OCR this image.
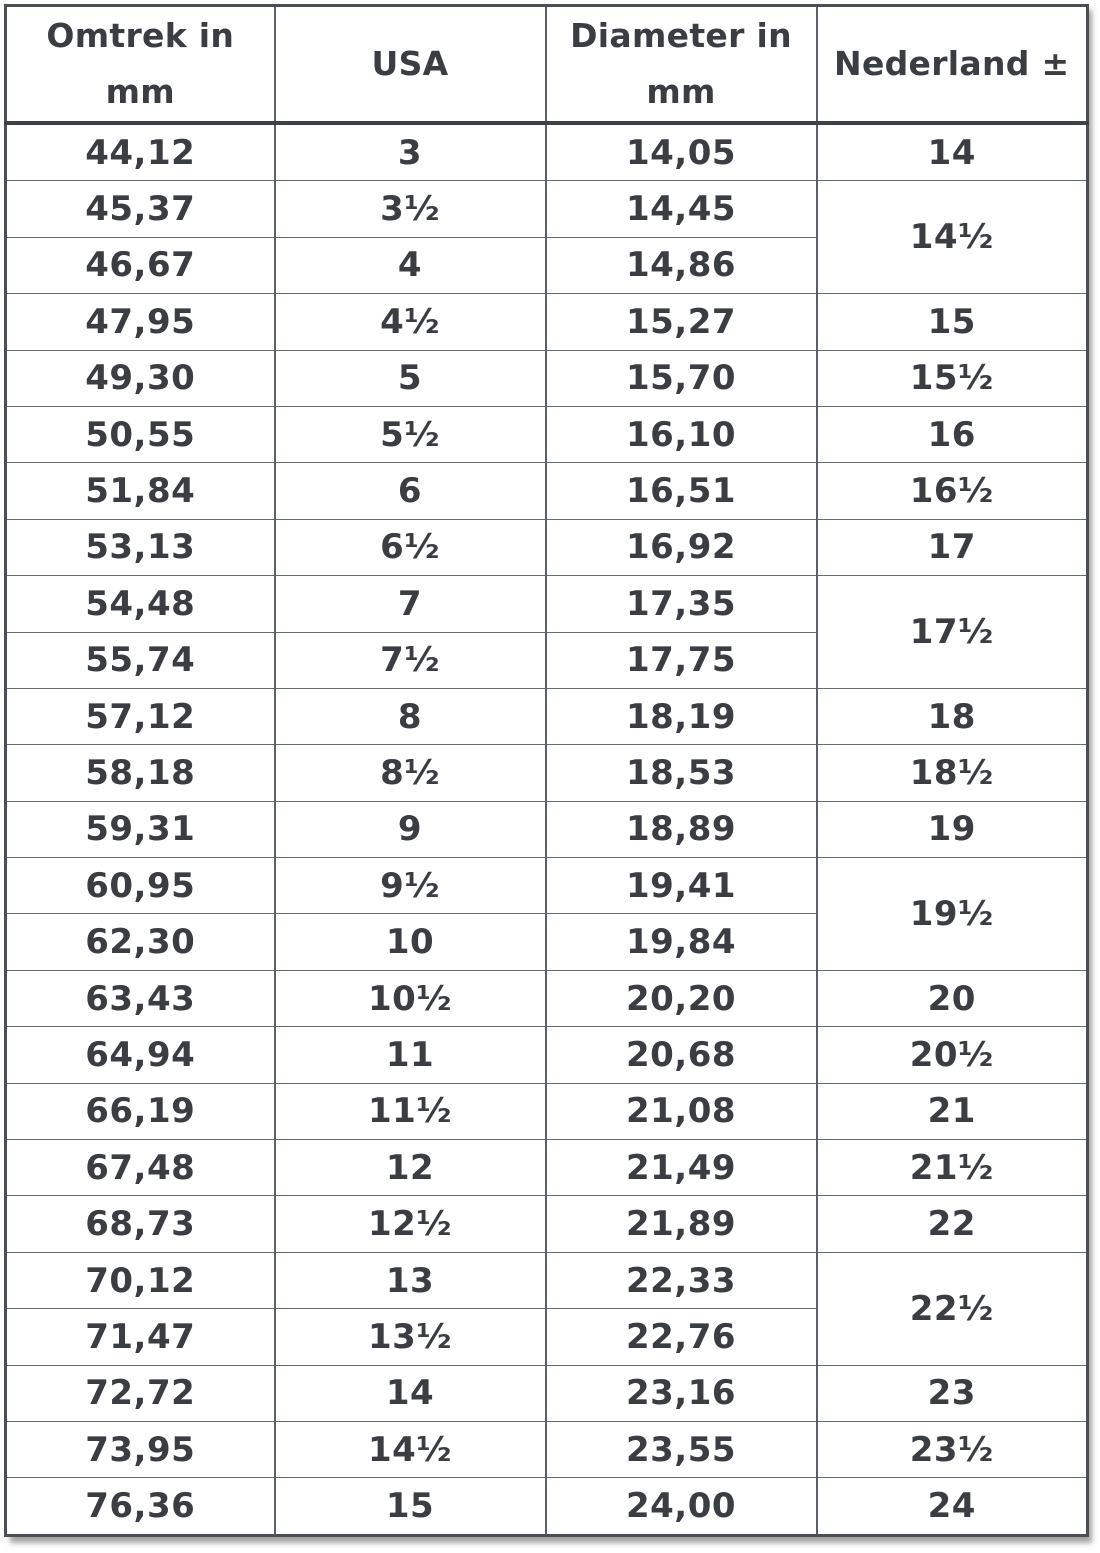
Omtrek in mm	USA	Diameter in mm	Nederland ±
44,12	3	14,05	14
45,37	3½	14,45	14½
46,67	4	14,86	
47,95	4½	15,27	15
49,30	5	15,70	15½
50,55	5½	16,10	16
51,84	6	16,51	16½
53,13	6½	16,92	17
54,48	7	17,35	17½
55,74	7½	17,75	
57,12	8	18,19	18
58,18	8½	18,53	18½
59,31	9	18,89	19
60,95	9½	19,41	19½
62,30	10	19,84	
63,43	10½	20,20	20
64,94	11	20,68	20½
66,19	11½	21,08	21
67,48	12	21,49	21½
68,73	12½	21,89	22
70,12	13	22,33	22½
71,47	13½	22,76	
72,72	14	23,16	23
73,95	14½	23,55	23½
76,36	15	24,00	24
